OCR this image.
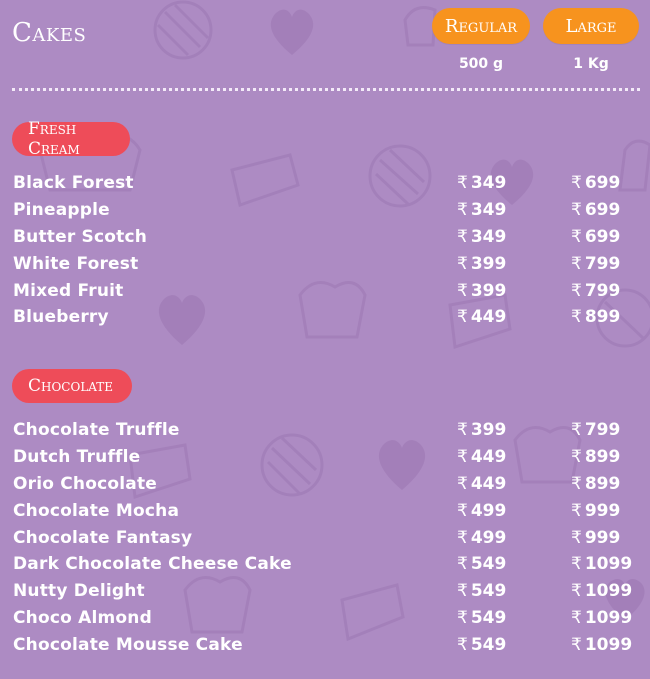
Cakes	Regular	Large
500 g	1 Kg
Fresh Cream
Black Forest	₹ 349	₹ 699
Pineapple	₹ 349	₹ 699
Butter Scotch	₹ 349	₹ 699
White Forest	₹ 399	₹ 799
Mixed Fruit	₹ 399	₹ 799
Blueberry	₹ 449	₹ 899
Chocolate
Chocolate Truffle	₹ 399	₹ 799
Dutch Truffle	₹ 449	₹ 899
Orio Chocolate	₹ 449	₹ 899
Chocolate Mocha	₹ 499	₹ 999
Chocolate Fantasy	₹ 499	₹ 999
Dark Chocolate Cheese Cake	₹ 549	₹ 1099
Nutty Delight	₹ 549	₹ 1099
Choco Almond	₹ 549	₹ 1099
Chocolate Mousse Cake	₹ 549	₹ 1099
